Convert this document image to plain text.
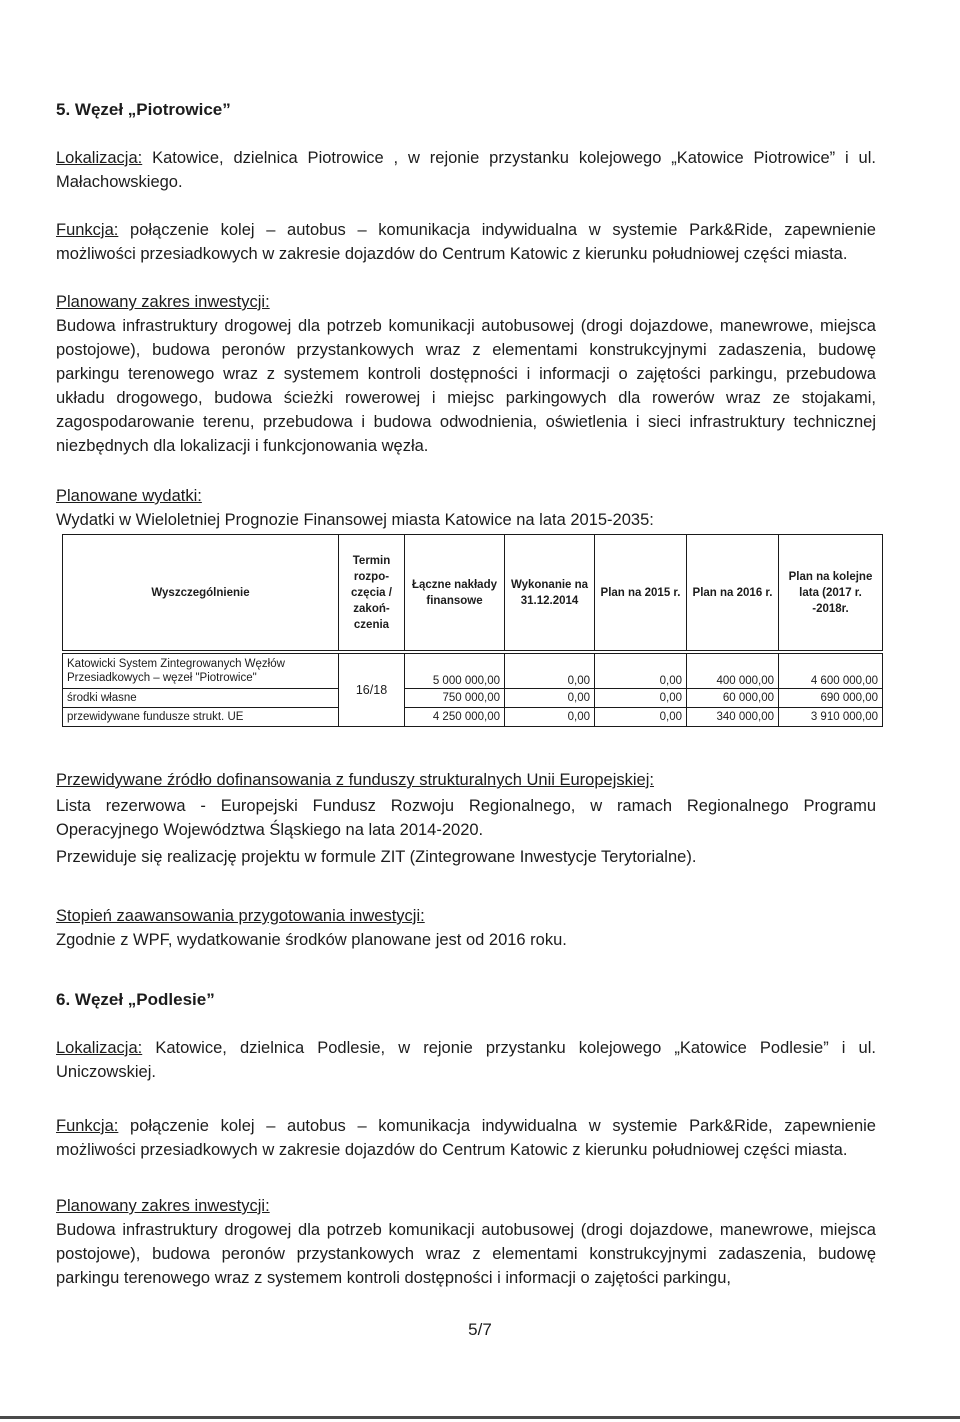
5. Węzeł „Piotrowice”

Lokalizacja: Katowice, dzielnica Piotrowice , w rejonie przystanku kolejowego „Katowice Piotrowice” i ul. Małachowskiego.

Funkcja: połączenie kolej – autobus – komunikacja indywidualna w systemie Park&Ride, zapewnienie możliwości przesiadkowych w zakresie dojazdów do Centrum Katowic z kierunku południowej części miasta.

Planowany zakres inwestycji:

Budowa infrastruktury drogowej dla potrzeb komunikacji autobusowej (drogi dojazdowe, manewrowe, miejsca postojowe), budowa peronów przystankowych wraz z elementami konstrukcyjnymi zadaszenia, budowę parkingu terenowego wraz z systemem kontroli dostępności i informacji o zajętości parkingu, przebudowa układu drogowego, budowa ścieżki rowerowej i miejsc parkingowych dla rowerów wraz ze stojakami, zagospodarowanie terenu, przebudowa i budowa odwodnienia, oświetlenia i sieci infrastruktury technicznej niezbędnych dla lokalizacji i funkcjonowania węzła.

Planowane wydatki:

Wydatki w Wieloletniej Prognozie Finansowej miasta Katowice na lata 2015-2035:

Wyszczególnienie	Termin rozpo-częcia / zakoń-czenia	Łączne nakłady finansowe	Wykonanie na 31.12.2014	Plan na 2015 r.	Plan na 2016 r.	Plan na kolejne lata (2017 r. -2018r.

Katowicki System Zintegrowanych Węzłów Przesiadkowych – węzeł "Piotrowice"	16/18	5 000 000,00	0,00	0,00	400 000,00	4 600 000,00
środki własne		750 000,00	0,00	0,00	60 000,00	690 000,00
przewidywane fundusze strukt. UE		4 250 000,00	0,00	0,00	340 000,00	3 910 000,00

Przewidywane źródło dofinansowania z funduszy strukturalnych Unii Europejskiej:

Lista rezerwowa - Europejski Fundusz Rozwoju Regionalnego, w ramach Regionalnego Programu Operacyjnego Województwa Śląskiego na lata 2014-2020.

Przewiduje się realizację projektu w formule ZIT (Zintegrowane Inwestycje Terytorialne).

Stopień zaawansowania przygotowania inwestycji:

Zgodnie z WPF, wydatkowanie środków planowane jest od 2016 roku.

6. Węzeł „Podlesie”

Lokalizacja: Katowice, dzielnica Podlesie, w rejonie przystanku kolejowego „Katowice Podlesie” i ul. Uniczowskiej.

Funkcja: połączenie kolej – autobus – komunikacja indywidualna w systemie Park&Ride, zapewnienie możliwości przesiadkowych w zakresie dojazdów do Centrum Katowic z kierunku południowej części miasta.

Planowany zakres inwestycji:

Budowa infrastruktury drogowej dla potrzeb komunikacji autobusowej (drogi dojazdowe, manewrowe, miejsca postojowe), budowa peronów przystankowych wraz z elementami konstrukcyjnymi zadaszenia, budowę parkingu terenowego wraz z systemem kontroli dostępności i informacji o zajętości parkingu,

5/7
